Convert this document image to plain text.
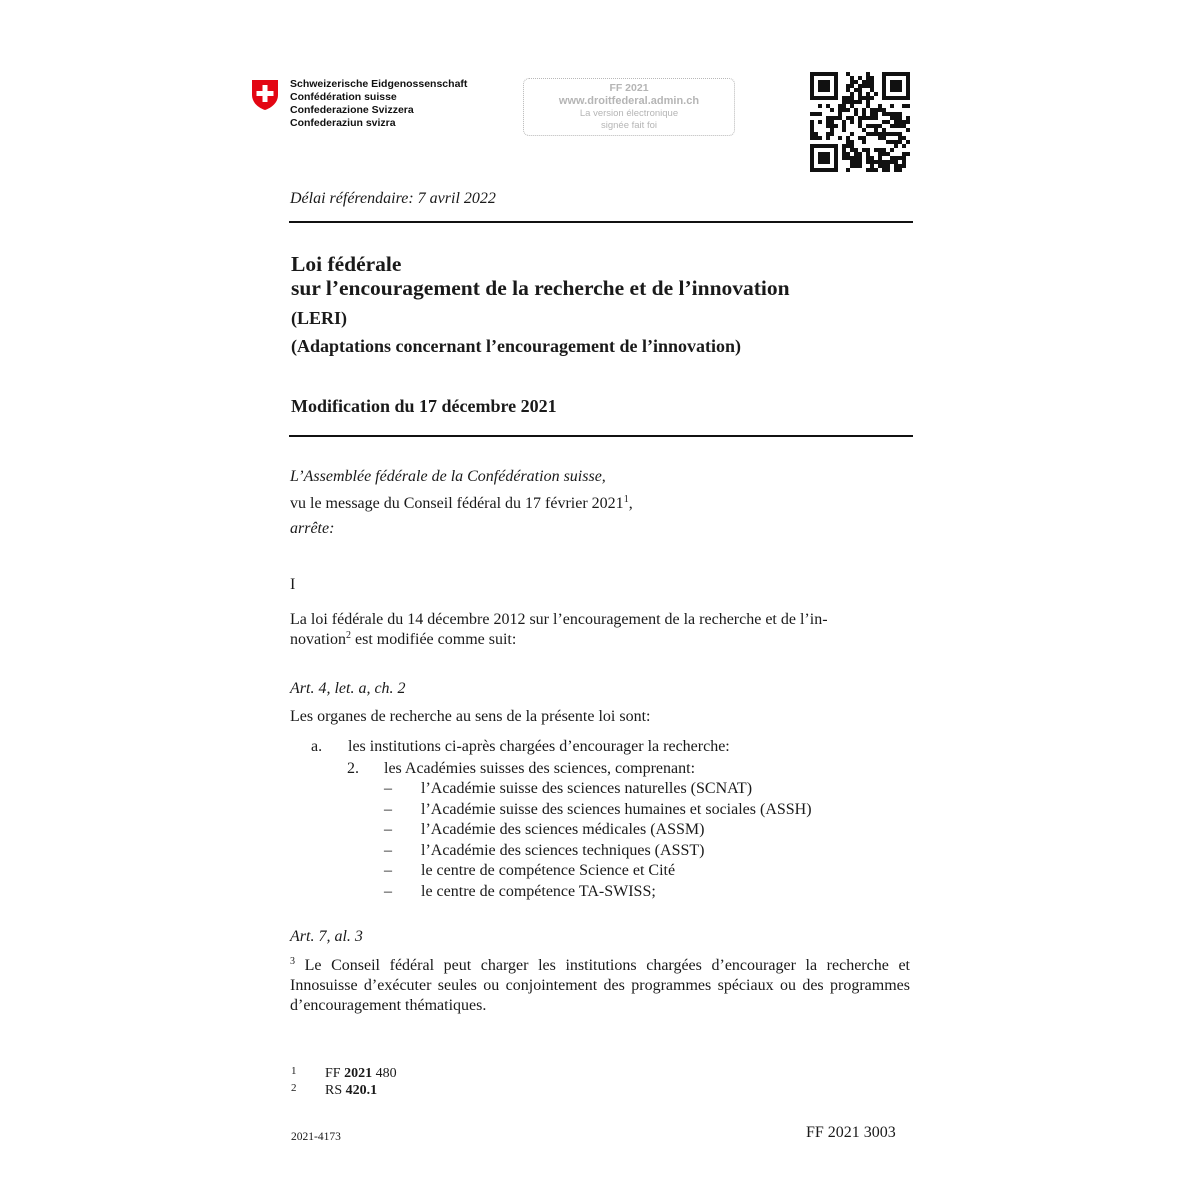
Schweizerische Eidgenossenschaft
Confédération suisse
Confederazione Svizzera
Confederaziun svizra
FF 2021
www.droitfederal.admin.ch
La version électronique
signée fait foi
Délai référendaire: 7 avril 2022
Loi fédérale
sur l’encouragement de la recherche et de l’innovation
(LERI)
(Adaptations concernant l’encouragement de l’innovation)
Modification du 17 décembre 2021
L’Assemblée fédérale de la Confédération suisse,
vu le message du Conseil fédéral du 17 février 2021$^1$,
arrête:
I
La loi fédérale du 14 décembre 2012 sur l’encouragement de la recherche et de l’in-
novation$^2$ est modifiée comme suit:
Art. 4, let. a, ch. 2
Les organes de recherche au sens de la présente loi sont:
a. les institutions ci-après chargées d’encourager la recherche:
2. les Académies suisses des sciences, comprenant:
– l’Académie suisse des sciences naturelles (SCNAT)
– l’Académie suisse des sciences humaines et sociales (ASSH)
– l’Académie des sciences médicales (ASSM)
– l’Académie des sciences techniques (ASST)
– le centre de compétence Science et Cité
– le centre de compétence TA-SWISS;
Art. 7, al. 3
$^3$ Le Conseil fédéral peut charger les institutions chargées d’encourager la recherche et Innosuisse d’exécuter seules ou conjointement des programmes spéciaux ou des programmes d’encouragement thématiques.
1 FF 2021 480
2 RS 420.1
2021-4173	FF 2021 3003
